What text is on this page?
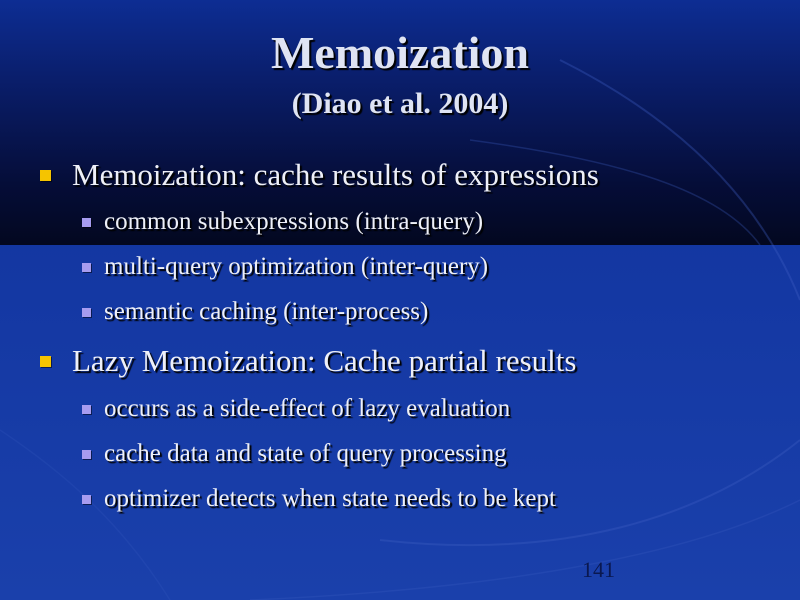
Memoization
(Diao et al. 2004)
Memoization: cache results of expressions
common subexpressions (intra-query)
multi-query optimization (inter-query)
semantic caching (inter-process)
Lazy Memoization: Cache partial results
occurs as a side-effect of lazy evaluation
cache data and state of query processing
optimizer detects when state needs to be kept
141
